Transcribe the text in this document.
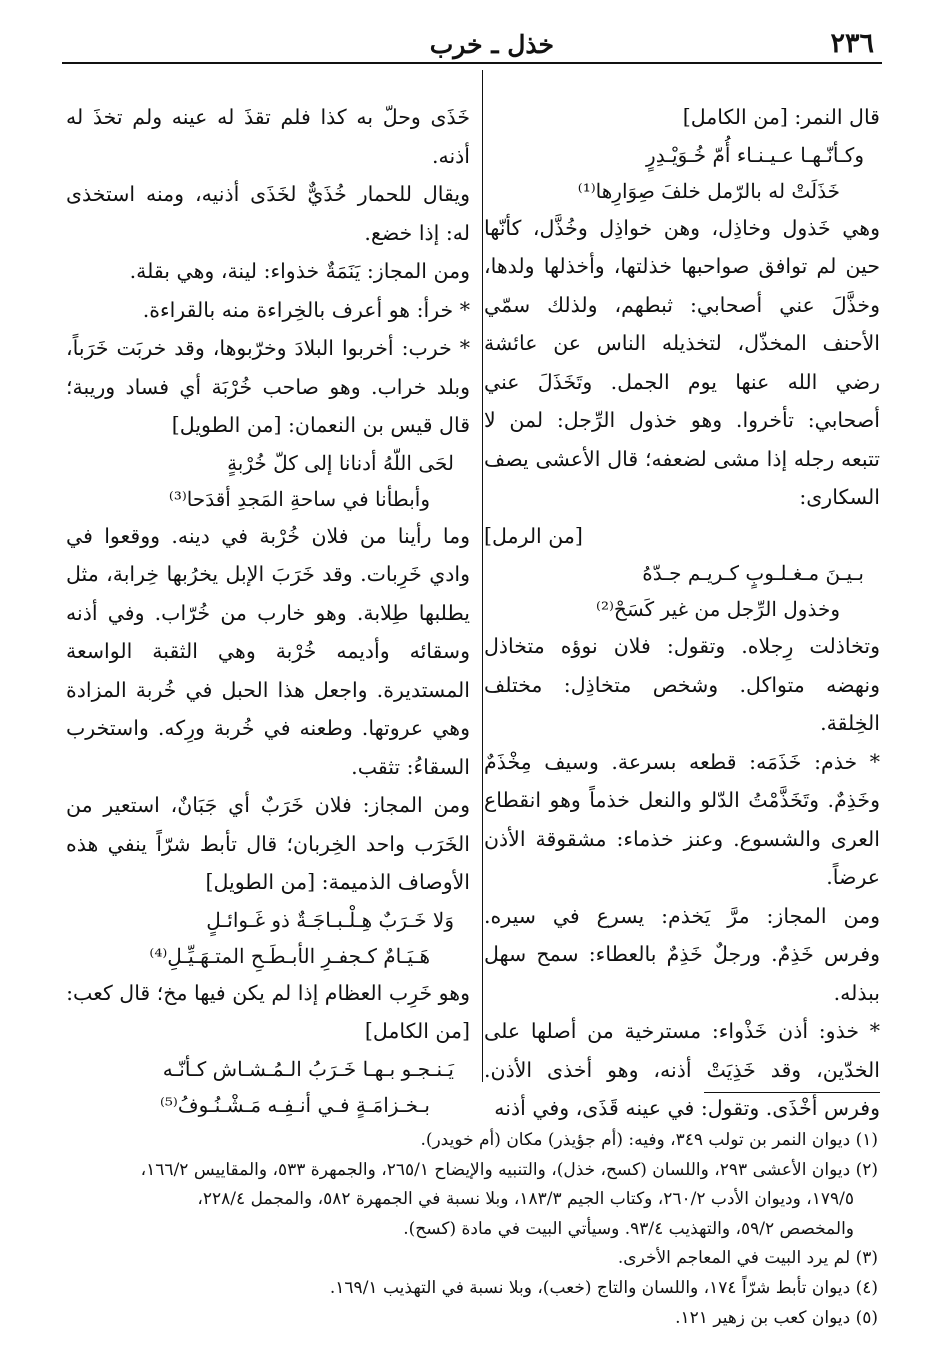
٢٣٦
خذل ـ خرب

قال النمر: [من الكامل]

وكـأنّـهـا عـيـنـاء أُمّ خُـوَيْـدِرٍ
خَذَلَتْ له بالرّمل خلفَ صِوَارِها⁽¹⁾

وهي خَذول وخاذِل، وهن خواذِل وخُذَّل، كأنّها حين لم توافق صواحبها خذلتها، وأخذلها ولدها، وخذَّلَ عني أصحابي: ثبطهم، ولذلك سمّي الأحنف المخذّل، لتخذيله الناس عن عائشة رضي الله عنها يوم الجمل. وتَخَذَلَ عني أصحابي: تأخروا. وهو خذول الرِّجل: لمن لا تتبعه رجله إذا مشى لضعفه؛ قال الأعشى يصف السكارى:

[من الرمل]

بـيـنَ مـغـلـوبٍ كـريـم جـدّهُ
وخذول الرِّجل من غير كَسَحْ⁽²⁾

وتخاذلت رِجلاه. وتقول: فلان نوؤه متخاذل ونهضه متواكل. وشخص متخاذِل: مختلف الخِلقة.

* خذم: خَذَمَه: قطعه بسرعة. وسيف مِخْذَمٌ وخَذِمٌ. وتَخَذَّمْتُ الدّلو والنعل خذماً وهو انقطاع العرى والشسوع. وعنز خذماء: مشقوقة الأذن عرضاً.

ومن المجاز: مرَّ يَخذم: يسرع في سيره. وفرس خَذِمٌ. ورجلٌ خَذِمٌ بالعطاء: سمح سهل ببذله.

* خذو: أذن خَذْواء: مسترخية من أصلها على الخدّين، وقد خَذِيَتْ أذنه، وهو أخذى الأذن. وفرس أخْذَى. وتقول: في عينه قَذَى، وفي أذنه

خَذَى وحلّ به كذا فلم تقذَ له عينه ولم تخذَ له أذنه.

ويقال للحمار خُذَيٌّ لخَذَى أذنيه، ومنه استخذى له: إذا خضع.

ومن المجاز: يَنَمَةٌ خذواء: لينة، وهي بقلة.

* خرأ: هو أعرف بالخِراءة منه بالقراءة.

* خرب: أخربوا البلادَ وخرّبوها، وقد خربَت خَرَباً، وبلد خراب. وهو صاحب خُرْبَة أي فساد وريبة؛ قال قيس بن النعمان: [من الطويل]

لحَى اللّهُ أدنانا إلى كلّ خُرْبةٍ
وأبطأنا في ساحةِ المَجدِ أقدَحا⁽³⁾

وما رأينا من فلان خُرْبة في دينه. ووقعوا في وادي خَرِبات. وقد خَرَبَ الإبل يخرُبها خِرابة، مثل يطلبها طِلابة. وهو خارب من خُرّاب. وفي أذنه وسقائه وأديمه خُرْبة وهي الثقبة الواسعة المستديرة. واجعل هذا الحبل في خُربة المزادة وهي عروتها. وطعنه في خُربة ورِكه. واستخرب السقاءُ: تثقب.

ومن المجاز: فلان خَرَبٌ أي جَبَانٌ، استعير من الخَرَب واحد الخِربان؛ قال تأبط شرّاً ينفي هذه الأوصاف الذميمة: [من الطويل]

وَلا خَـرَبٌ هِـلْـبـاجَـةٌ ذو غَـوائـلٍ
هَـيَـامٌ كـجفـرِ الأبـطَـحِ المتـهَـيِّـلِ⁽⁴⁾

وهو خَرِب العظام إذا لم يكن فيها مخ؛ قال كعب:

[من الكامل]

يَـنـجـو بـهـا خَـرَبُ الـمُـشـاش كـأنّـه
بـخـزامَـةٍ فـي أنـفِـه مَـشْـنُـوفُ⁽⁵⁾

(١) ديوان النمر بن تولب ٣٤٩، وفيه: (أم جؤيذر) مكان (أم خويدر).

(٢) ديوان الأعشى ٢٩٣، واللسان (كسح، خذل)، والتنبيه والإيضاح ٢٦٥/١، والجمهرة ٥٣٣، والمقاييس ١٦٦/٢،

١٧٩/٥، وديوان الأدب ٢٦٠/٢، وكتاب الجيم ١٨٣/٣، وبلا نسبة في الجمهرة ٥٨٢، والمجمل ٢٢٨/٤،

والمخصص ٥٩/٢، والتهذيب ٩٣/٤. وسيأتي البيت في مادة (كسح).

(٣) لم يرد البيت في المعاجم الأخرى.

(٤) ديوان تأبط شرّاً ١٧٤، واللسان والتاج (خعب)، وبلا نسبة في التهذيب ١٦٩/١.

(٥) ديوان كعب بن زهير ١٢١.
